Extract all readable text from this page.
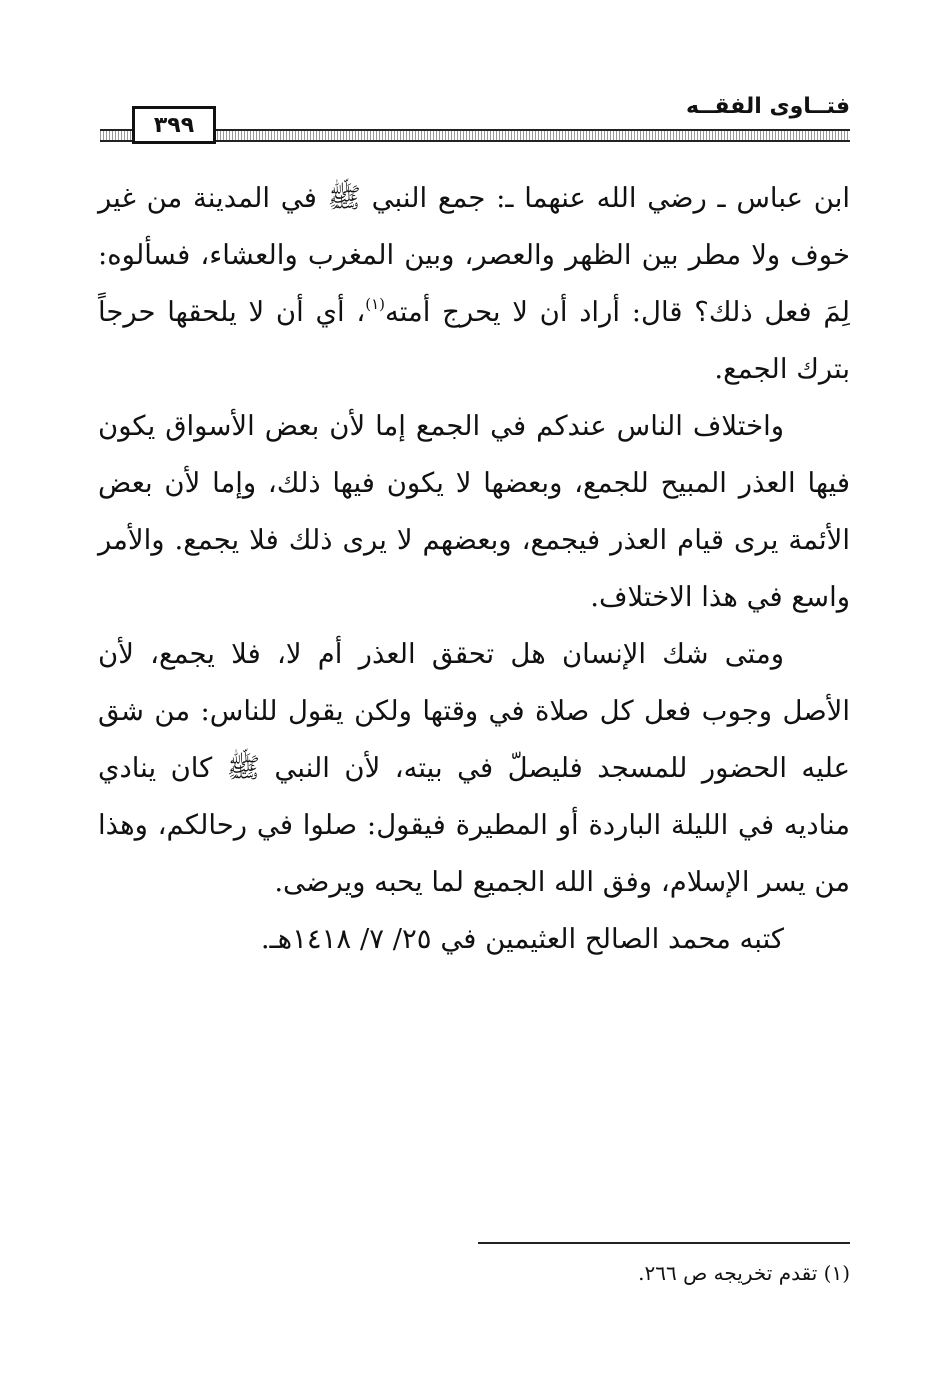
فتــاوى الفقــه
٣٩٩

ابن عباس ـ رضي الله عنهما ـ: جمع النبي ﷺ في المدينة من غير خوف ولا مطر بين الظهر والعصر، وبين المغرب والعشاء، فسألوه: لِمَ فعل ذلك؟ قال: أراد أن لا يحرج أمته$^{(١)}$، أي أن لا يلحقها حرجاً بترك الجمع.

واختلاف الناس عندكم في الجمع إما لأن بعض الأسواق يكون فيها العذر المبيح للجمع، وبعضها لا يكون فيها ذلك، وإما لأن بعض الأئمة يرى قيام العذر فيجمع، وبعضهم لا يرى ذلك فلا يجمع. والأمر واسع في هذا الاختلاف.

ومتى شك الإنسان هل تحقق العذر أم لا، فلا يجمع، لأن الأصل وجوب فعل كل صلاة في وقتها ولكن يقول للناس: من شق عليه الحضور للمسجد فليصلّ في بيته، لأن النبي ﷺ كان ينادي مناديه في الليلة الباردة أو المطيرة فيقول: صلوا في رحالكم، وهذا من يسر الإسلام، وفق الله الجميع لما يحبه ويرضى.

كتبه محمد الصالح العثيمين في ٢٥/ ٧/ ١٤١٨هـ.

(١) تقدم تخريجه ص ٢٦٦.
